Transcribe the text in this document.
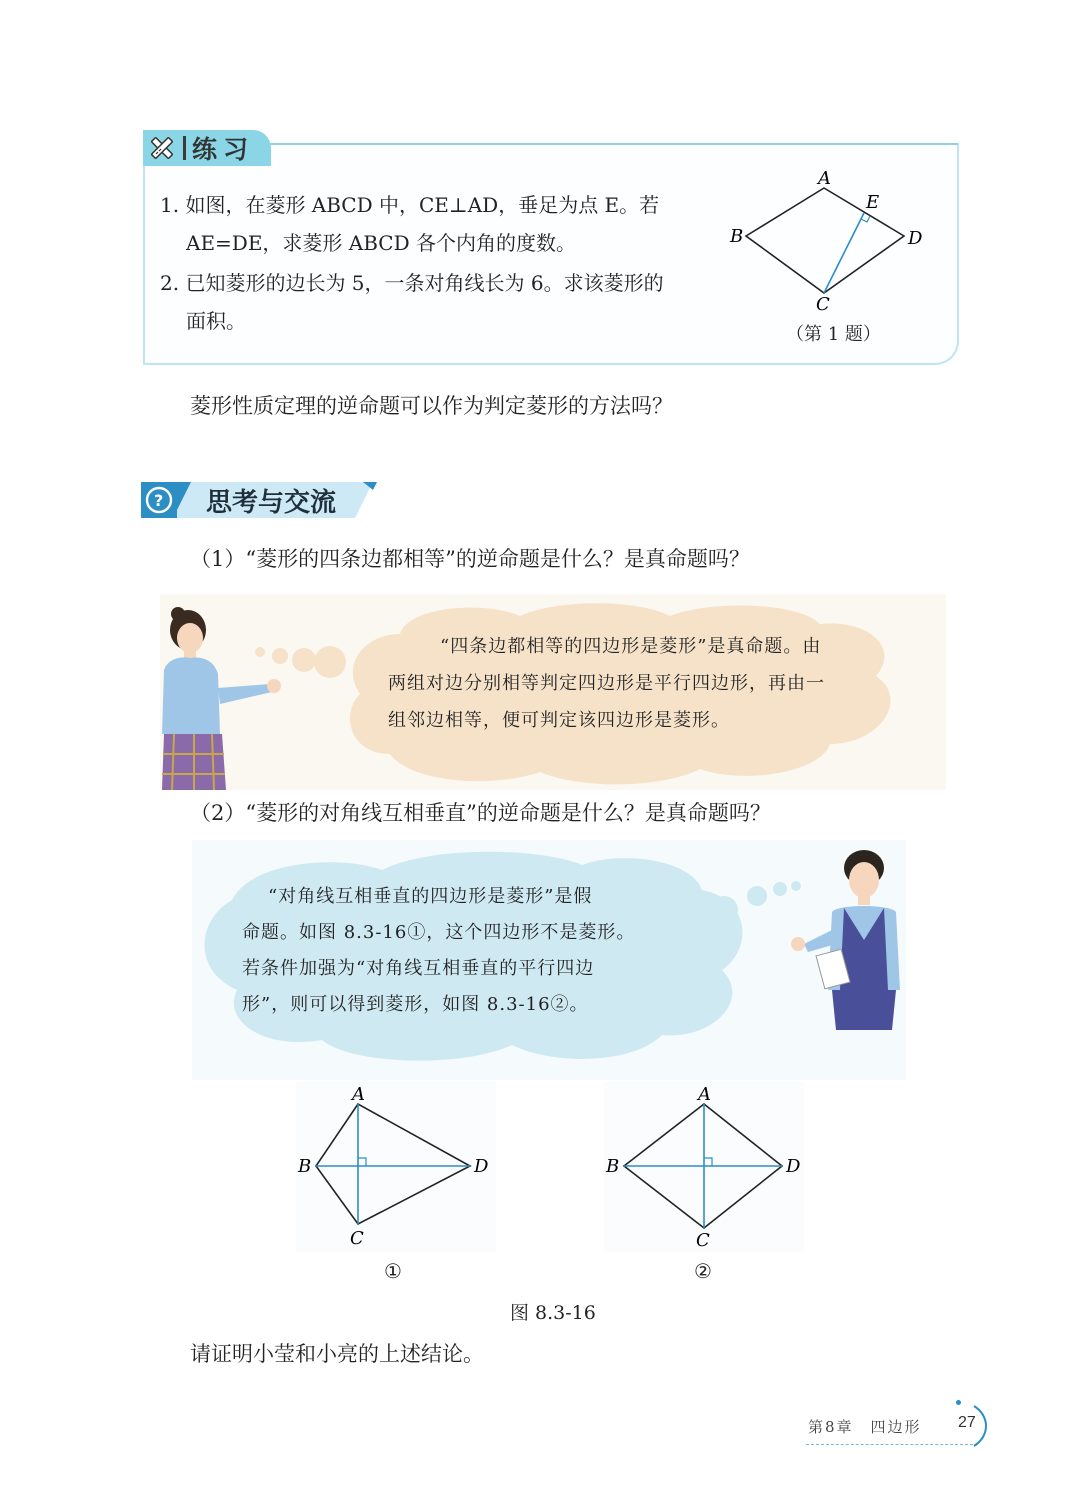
练习
1. 如图，在菱形 ABCD 中，CE⊥AD，垂足为点 E。若
AE=DE，求菱形 ABCD 各个内角的度数。
2. 已知菱形的边长为 5，一条对角线长为 6。求该菱形的
面积。
A
B
C
D
E
（第 1 题）
菱形性质定理的逆命题可以作为判定菱形的方法吗？
? 思考与交流
（1）“菱形的四条边都相等”的逆命题是什么？是真命题吗？
“四条边都相等的四边形是菱形”是真命题。由
两组对边分别相等判定四边形是平行四边形，再由一
组邻边相等，便可判定该四边形是菱形。
（2）“菱形的对角线互相垂直”的逆命题是什么？是真命题吗？
“对角线互相垂直的四边形是菱形”是假
命题。如图 8.3-16①，这个四边形不是菱形。
若条件加强为“对角线互相垂直的平行四边
形”，则可以得到菱形，如图 8.3-16②。
A
B
C
D
A
B
C
D
①	②
图 8.3-16
请证明小莹和小亮的上述结论。
第8章　四边形 27
